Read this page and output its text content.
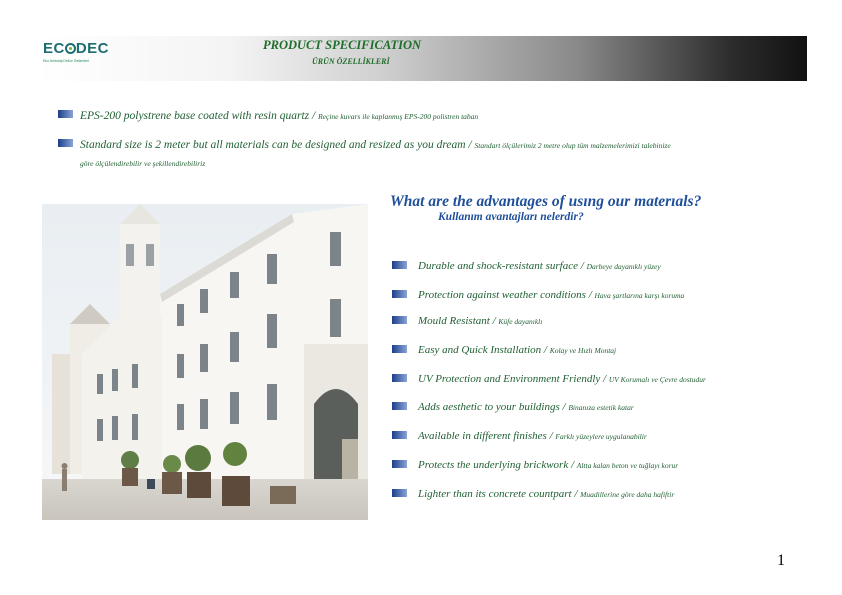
EC DEC
Eko Ambalaj Dekor Sistemleri
PRODUCT SPECIFICATION
ÜRÜN ÖZELLİKLERİ
EPS-200 polystrene base coated with resin quartz / Reçine kuvars ile kaplanmış EPS-200 polistren taban
Standard size is 2 meter but all materials can be designed and resized as you dream / Standart ölçülerimiz 2 metre olup tüm malzemelerimizi talebinize
göre ölçülendirebilir ve şekillendirebiliriz
What are the advantages of usıng our materıals?
Kullanım avantajları nelerdir?
Durable and shock-resistant surface / Darbeye dayanıklı yüzey
Protection against weather conditions / Hava şartlarına karşı koruma
Mould Resistant / Küfe dayanıklı
Easy and Quick Installation / Kolay ve Hızlı Montaj
UV Protection and Environment Friendly / UV Korumalı ve Çevre dostudur
Adds aesthetic to your buildings / Binanıza estetik katar
Available in different finishes / Farklı yüzeylere uygulanabilir
Protects the underlying brickwork / Altta kalan beton ve tuğlayı korur
Lighter than its concrete countpart / Muadillerine göre daha hafiftir
1
